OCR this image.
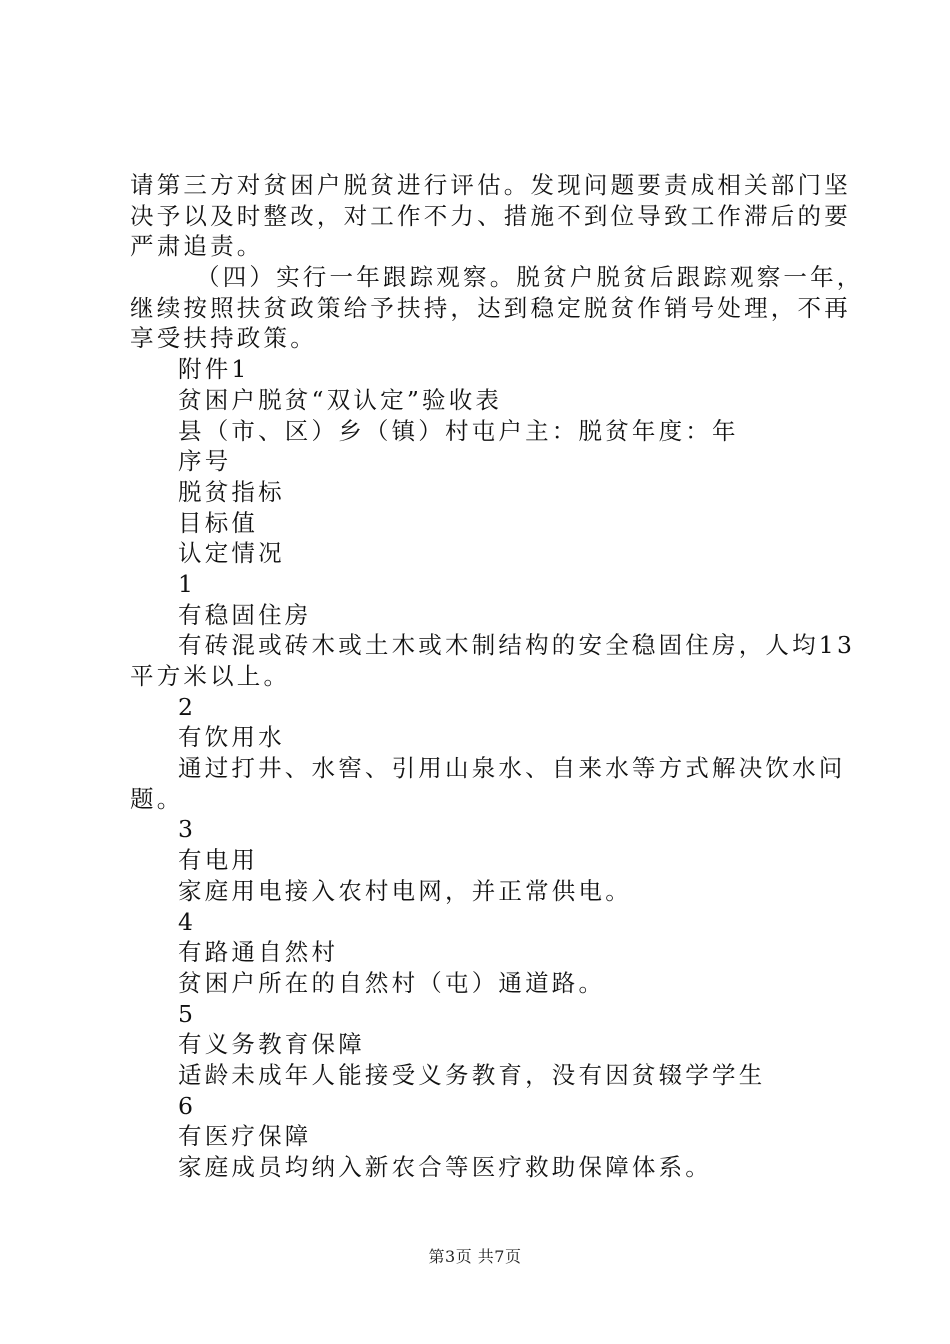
请第三方对贫困户脱贫进行评估。发现问题要责成相关部门坚
决予以及时整改，对工作不力、措施不到位导致工作滞后的要
严肃追责。
（四）实行一年跟踪观察。脱贫户脱贫后跟踪观察一年，
继续按照扶贫政策给予扶持，达到稳定脱贫作销号处理，不再
享受扶持政策。
附件1
贫困户脱贫“双认定”验收表
县（市、区）乡（镇）村屯户主：脱贫年度：年
序号
脱贫指标
目标值
认定情况
1
有稳固住房
有砖混或砖木或土木或木制结构的安全稳固住房，人均13
平方米以上。
2
有饮用水
通过打井、水窖、引用山泉水、自来水等方式解决饮水问
题。
3
有电用
家庭用电接入农村电网，并正常供电。
4
有路通自然村
贫困户所在的自然村（屯）通道路。
5
有义务教育保障
适龄未成年人能接受义务教育，没有因贫辍学学生
6
有医疗保障
家庭成员均纳入新农合等医疗救助保障体系。
第3页 共7页
